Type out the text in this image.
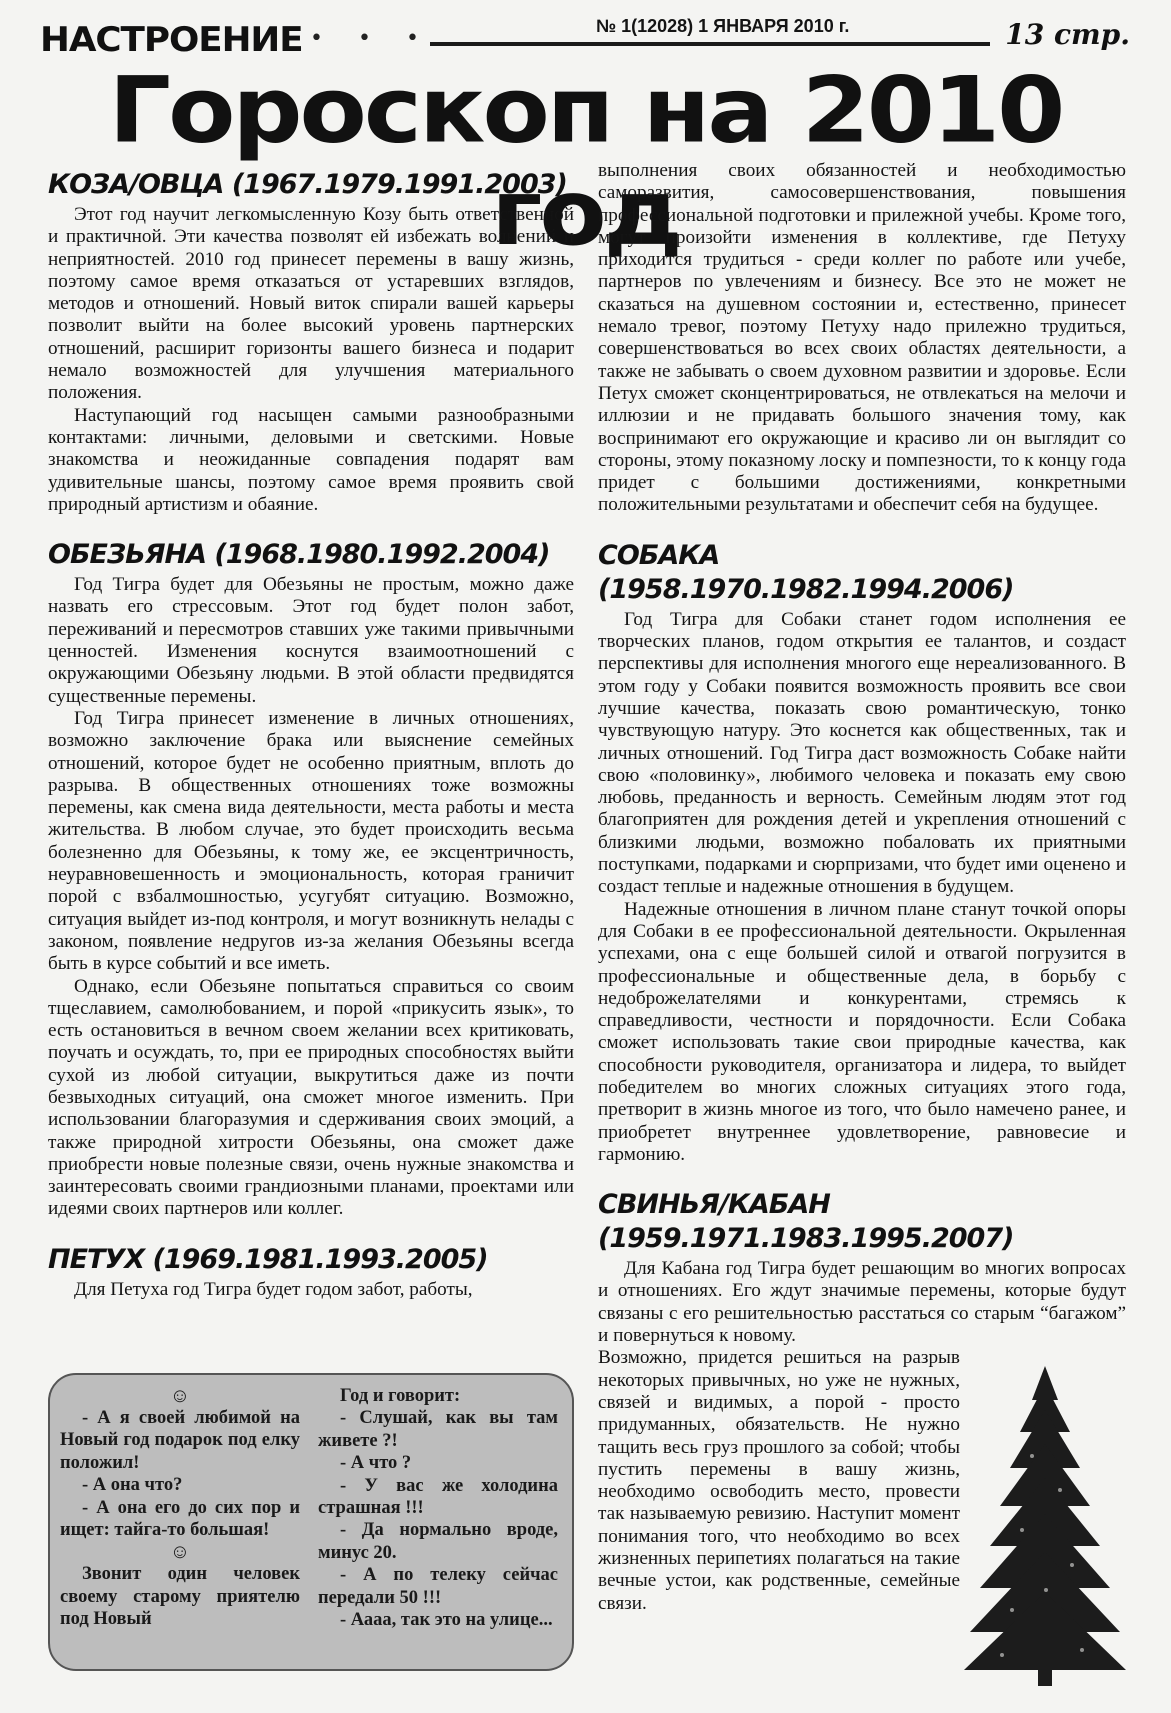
НАСТРОЕНИЕ • • •	№ 1(12028) 1 ЯНВАРЯ 2010 г.	13 стр.
Гороскоп на 2010 год
КОЗА/ОВЦА (1967.1979.1991.2003)

Этот год научит легкомысленную Козу быть ответственной и практичной. Эти качества позволят ей избежать волнений и неприятностей. 2010 год принесет перемены в вашу жизнь, поэтому самое время отказаться от устаревших взглядов, методов и отношений. Новый виток спирали вашей карьеры позволит выйти на более высокий уровень партнерских отношений, расширит горизонты вашего бизнеса и подарит немало возможностей для улучшения материального положения.

Наступающий год насыщен самыми разнообразными контактами: личными, деловыми и светскими. Новые знакомства и неожиданные совпадения подарят вам удивительные шансы, поэтому самое время проявить свой природный артистизм и обаяние.

ОБЕЗЬЯНА (1968.1980.1992.2004)

Год Тигра будет для Обезьяны не простым, можно даже назвать его стрессовым. Этот год будет полон забот, переживаний и пересмотров ставших уже такими привычными ценностей. Изменения коснутся взаимоотношений с окружающими Обезьяну людьми. В этой области предвидятся существенные перемены.

Год Тигра принесет изменение в личных отношениях, возможно заключение брака или выяснение семейных отношений, которое будет не особенно приятным, вплоть до разрыва. В общественных отношениях тоже возможны перемены, как смена вида деятельности, места работы и места жительства. В любом случае, это будет происходить весьма болезненно для Обезьяны, к тому же, ее эксцентричность, неуравновешенность и эмоциональность, которая граничит порой с взбалмошностью, усугубят ситуацию. Возможно, ситуация выйдет из-под контроля, и могут возникнуть нелады с законом, появление недругов из-за желания Обезьяны всегда быть в курсе событий и все иметь.

Однако, если Обезьяне попытаться справиться со своим тщеславием, самолюбованием, и порой «прикусить язык», то есть остановиться в вечном своем желании всех критиковать, поучать и осуждать, то, при ее природных способностях выйти сухой из любой ситуации, выкрутиться даже из почти безвыходных ситуаций, она сможет многое изменить. При использовании благоразумия и сдерживания своих эмоций, а также природной хитрости Обезьяны, она сможет даже приобрести новые полезные связи, очень нужные знакомства и заинтересовать своими грандиозными планами, проектами или идеями своих партнеров или коллег.

ПЕТУХ (1969.1981.1993.2005)

Для Петуха год Тигра будет годом забот, работы,

выполнения своих обязанностей и необходимостью саморазвития, самосовершенствования, повышения профессиональной подготовки и прилежной учебы. Кроме того, могут произойти изменения в коллективе, где Петуху приходится трудиться - среди коллег по работе или учебе, партнеров по увлечениям и бизнесу. Все это не может не сказаться на душевном состоянии и, естественно, принесет немало тревог, поэтому Петуху надо прилежно трудиться, совершенствоваться во всех своих областях деятельности, а также не забывать о своем духовном развитии и здоровье. Если Петух сможет сконцентрироваться, не отвлекаться на мелочи и иллюзии и не придавать большого значения тому, как воспринимают его окружающие и красиво ли он выглядит со стороны, этому показному лоску и помпезности, то к концу года придет с большими достижениями, конкретными положительными результатами и обеспечит себя на будущее.

СОБАКА (1958.1970.1982.1994.2006)

Год Тигра для Собаки станет годом исполнения ее творческих планов, годом открытия ее талантов, и создаст перспективы для исполнения многого еще нереализованного. В этом году у Собаки появится возможность проявить все свои лучшие качества, показать свою романтическую, тонко чувствующую натуру. Это коснется как общественных, так и личных отношений. Год Тигра даст возможность Собаке найти свою «половинку», любимого человека и показать ему свою любовь, преданность и верность. Семейным людям этот год благоприятен для рождения детей и укрепления отношений с близкими людьми, возможно побаловать их приятными поступками, подарками и сюрпризами, что будет ими оценено и создаст теплые и надежные отношения в будущем.

Надежные отношения в личном плане станут точкой опоры для Собаки в ее профессиональной деятельности. Окрыленная успехами, она с еще большей силой и отвагой погрузится в профессиональные и общественные дела, в борьбу с недоброжелателями и конкурентами, стремясь к справедливости, честности и порядочности. Если Собака сможет использовать такие свои природные качества, как способности руководителя, организатора и лидера, то выйдет победителем во многих сложных ситуациях этого года, претворит в жизнь многое из того, что было намечено ранее, и приобретет внутреннее удовлетворение, равновесие и гармонию.

СВИНЬЯ/КАБАН (1959.1971.1983.1995.2007)

Для Кабана год Тигра будет решающим во многих вопросах и отношениях. Его ждут значимые перемены, которые будут связаны с его решительностью расстаться со старым “багажом” и повернуться к новому.

Возможно, придется решиться на разрыв некоторых привычных, но уже не нужных, связей и видимых, а порой - просто придуманных, обязательств. Не нужно тащить весь груз прошлого за собой; чтобы пустить перемены в вашу жизнь, необходимо освободить место, провести так называемую ревизию. Наступит момент понимания того, что необходимо во всех жизненных перипетиях полагаться на такие вечные устои, как родственные, семейные связи.

☺
- А я своей любимой на Новый год подарок под елку положил!
- А она что?
- А она его до сих пор и ищет: тайга-то большая!
☺
Звонит один человек своему старому приятелю под Новый
Год и говорит:
- Слушай, как вы там живете ?!
- А что ?
- У вас же холодина страшная !!!
- Да нормально вроде, минус 20.
- А по телеку сейчас передали 50 !!!
- Аааа, так это на улице...
